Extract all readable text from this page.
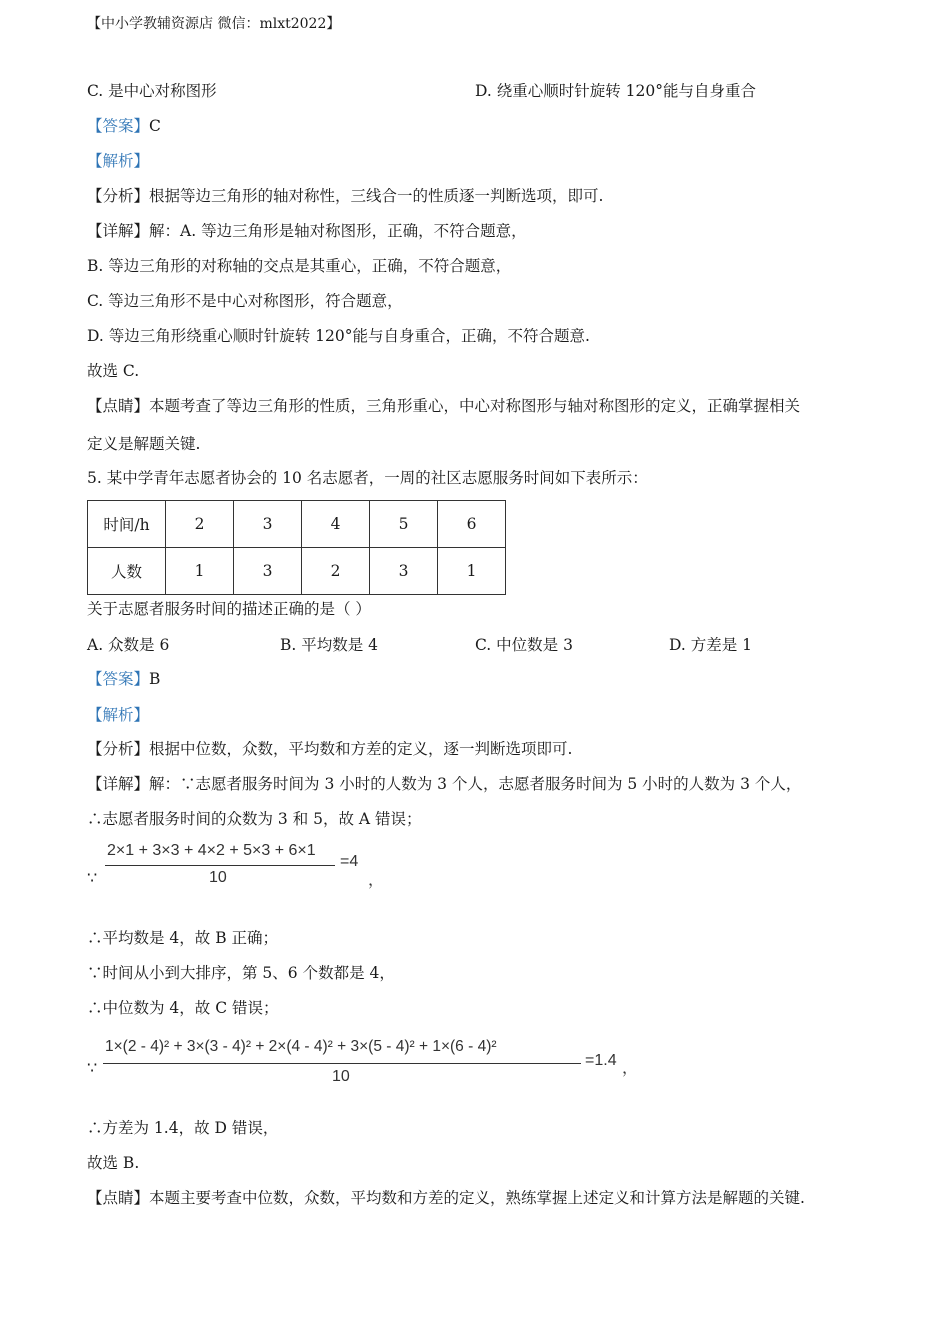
【中小学教辅资源店 微信：mlxt2022】
C. 是中心对称图形	D. 绕重心顺时针旋转 120°能与自身重合
【答案】C
【解析】
【分析】根据等边三角形的轴对称性，三线合一的性质逐一判断选项，即可.
【详解】解：A. 等边三角形是轴对称图形，正确，不符合题意，
B. 等边三角形的对称轴的交点是其重心，正确，不符合题意，
C. 等边三角形不是中心对称图形，符合题意，
D. 等边三角形绕重心顺时针旋转 120°能与自身重合，正确，不符合题意.
故选 C.
【点睛】本题考查了等边三角形的性质，三角形重心，中心对称图形与轴对称图形的定义，正确掌握相关
定义是解题关键.
5. 某中学青年志愿者协会的 10 名志愿者，一周的社区志愿服务时间如下表所示：
时间/h	2	3	4	5	6
人数	1	3	2	3	1
关于志愿者服务时间的描述正确的是（ ）
A. 众数是 6	B. 平均数是 4	C. 中位数是 3	D. 方差是 1
【答案】B
【解析】
【分析】根据中位数，众数，平均数和方差的定义，逐一判断选项即可.
【详解】解：∵志愿者服务时间为 3 小时的人数为 3 个人，志愿者服务时间为 5 小时的人数为 3 个人，
∴志愿者服务时间的众数为 3 和 5，故 A 错误；
∵
2×1 + 3×3 + 4×2 + 5×3 + 6×1
10
=4
，
∴平均数是 4，故 B 正确；
∵时间从小到大排序，第 5、6 个数都是 4，
∴中位数为 4，故 C 错误；
∵
1×(2 - 4)² + 3×(3 - 4)² + 2×(4 - 4)² + 3×(5 - 4)² + 1×(6 - 4)²
10
=1.4 ，
∴方差为 1.4，故 D 错误，
故选 B.
【点睛】本题主要考查中位数，众数，平均数和方差的定义，熟练掌握上述定义和计算方法是解题的关键.
